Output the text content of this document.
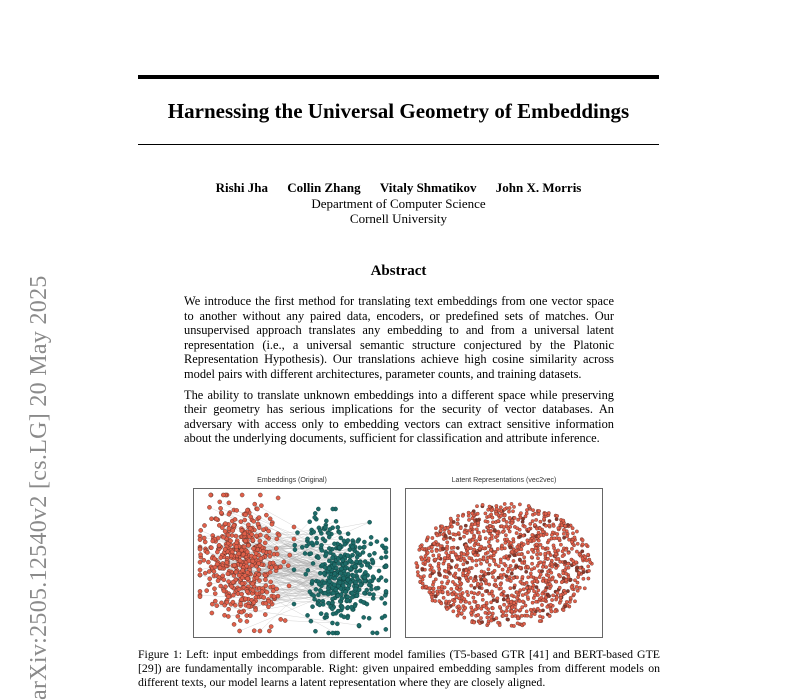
arXiv:2505.12540v2 [cs.LG] 20 May 2025
Harnessing the Universal Geometry of Embeddings
Rishi Jha Collin Zhang Vitaly Shmatikov John X. Morris
Department of Computer Science
Cornell University
Abstract

We introduce the first method for translating text embeddings from one vector space to another without any paired data, encoders, or predefined sets of matches. Our unsupervised approach translates any embedding to and from a universal latent representation (i.e., a universal semantic structure conjectured by the Platonic Representation Hypothesis). Our translations achieve high cosine similarity across model pairs with different architectures, parameter counts, and training datasets.

The ability to translate unknown embeddings into a different space while preserving their geometry has serious implications for the security of vector databases. An adversary with access only to embedding vectors can extract sensitive information about the underlying documents, sufficient for classification and attribute inference.

Embeddings (Original)	Latent Representations (vec2vec)
Figure 1: Left: input embeddings from different model families (T5-based GTR [41] and BERT-based GTE [29]) are fundamentally incomparable. Right: given unpaired embedding samples from different models on different texts, our model learns a latent representation where they are closely aligned.
